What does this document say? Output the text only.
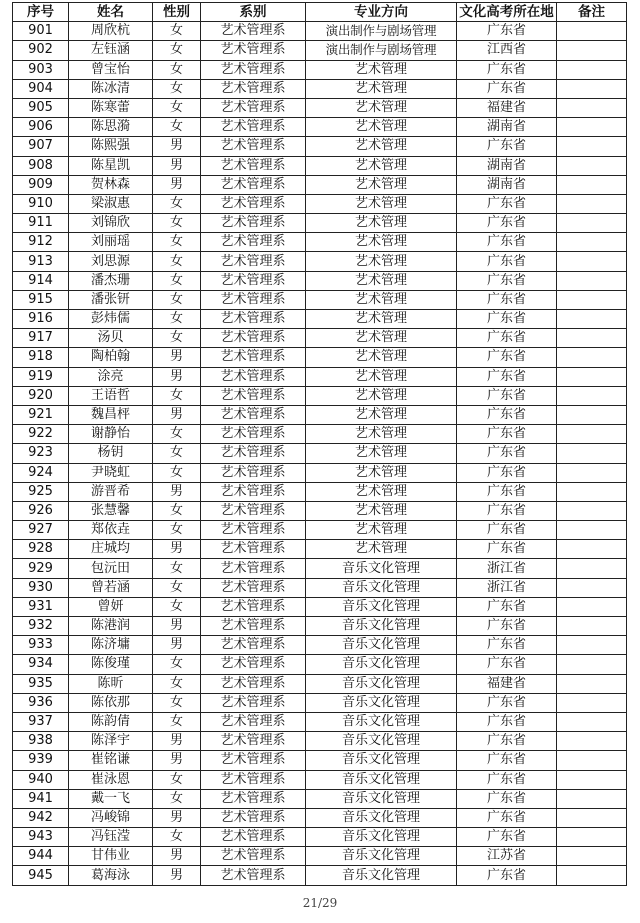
序号	姓名	性别	系别	专业方向	文化高考所在地	备注
901	周欣杭	女	艺术管理系	演出制作与剧场管理	广东省	
902	左钰涵	女	艺术管理系	演出制作与剧场管理	江西省	
903	曾宝怡	女	艺术管理系	艺术管理	广东省	
904	陈冰清	女	艺术管理系	艺术管理	广东省	
905	陈寒蕾	女	艺术管理系	艺术管理	福建省	
906	陈思漪	女	艺术管理系	艺术管理	湖南省	
907	陈熙强	男	艺术管理系	艺术管理	广东省	
908	陈星凯	男	艺术管理系	艺术管理	湖南省	
909	贺林森	男	艺术管理系	艺术管理	湖南省	
910	梁淑惠	女	艺术管理系	艺术管理	广东省	
911	刘锦欣	女	艺术管理系	艺术管理	广东省	
912	刘丽瑶	女	艺术管理系	艺术管理	广东省	
913	刘思源	女	艺术管理系	艺术管理	广东省	
914	潘杰珊	女	艺术管理系	艺术管理	广东省	
915	潘张钘	女	艺术管理系	艺术管理	广东省	
916	彭炜儒	女	艺术管理系	艺术管理	广东省	
917	汤贝	女	艺术管理系	艺术管理	广东省	
918	陶柏翰	男	艺术管理系	艺术管理	广东省	
919	涂亮	男	艺术管理系	艺术管理	广东省	
920	王语哲	女	艺术管理系	艺术管理	广东省	
921	魏昌枰	男	艺术管理系	艺术管理	广东省	
922	谢静怡	女	艺术管理系	艺术管理	广东省	
923	杨钥	女	艺术管理系	艺术管理	广东省	
924	尹晓虹	女	艺术管理系	艺术管理	广东省	
925	游晋希	男	艺术管理系	艺术管理	广东省	
926	张慧馨	女	艺术管理系	艺术管理	广东省	
927	郑依垚	女	艺术管理系	艺术管理	广东省	
928	庄城均	男	艺术管理系	艺术管理	广东省	
929	包沅田	女	艺术管理系	音乐文化管理	浙江省	
930	曾若涵	女	艺术管理系	音乐文化管理	浙江省	
931	曾妍	女	艺术管理系	音乐文化管理	广东省	
932	陈港润	男	艺术管理系	音乐文化管理	广东省	
933	陈济墉	男	艺术管理系	音乐文化管理	广东省	
934	陈俊瑾	女	艺术管理系	音乐文化管理	广东省	
935	陈昕	女	艺术管理系	音乐文化管理	福建省	
936	陈依那	女	艺术管理系	音乐文化管理	广东省	
937	陈韵倩	女	艺术管理系	音乐文化管理	广东省	
938	陈泽宇	男	艺术管理系	音乐文化管理	广东省	
939	崔铭谦	男	艺术管理系	音乐文化管理	广东省	
940	崔泳恩	女	艺术管理系	音乐文化管理	广东省	
941	戴一飞	女	艺术管理系	音乐文化管理	广东省	
942	冯峻锦	男	艺术管理系	音乐文化管理	广东省	
943	冯钰滢	女	艺术管理系	音乐文化管理	广东省	
944	甘伟业	男	艺术管理系	音乐文化管理	江苏省	
945	葛海泳	男	艺术管理系	音乐文化管理	广东省	
21/29
